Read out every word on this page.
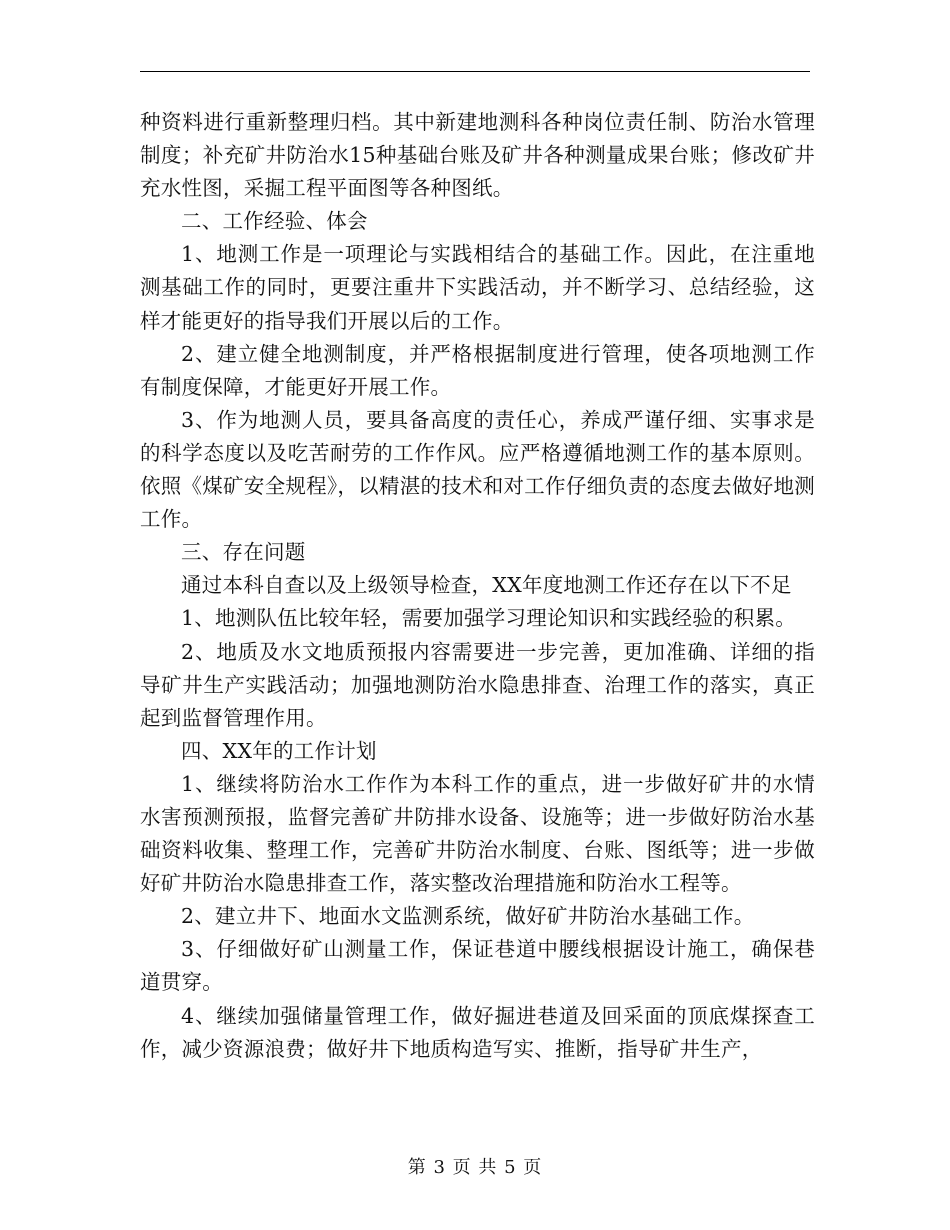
种资料进行重新整理归档。其中新建地测科各种岗位责任制、防治水管理制度；补充矿井防治水15种基础台账及矿井各种测量成果台账；修改矿井充水性图，采掘工程平面图等各种图纸。

二、工作经验、体会

1、地测工作是一项理论与实践相结合的基础工作。因此，在注重地测基础工作的同时，更要注重井下实践活动，并不断学习、总结经验，这样才能更好的指导我们开展以后的工作。

2、建立健全地测制度，并严格根据制度进行管理，使各项地测工作有制度保障，才能更好开展工作。

3、作为地测人员，要具备高度的责任心，养成严谨仔细、实事求是的科学态度以及吃苦耐劳的工作作风。应严格遵循地测工作的基本原则。依照《煤矿安全规程》，以精湛的技术和对工作仔细负责的态度去做好地测工作。

三、存在问题

通过本科自查以及上级领导检查，XX年度地测工作还存在以下不足

1、地测队伍比较年轻，需要加强学习理论知识和实践经验的积累。

2、地质及水文地质预报内容需要进一步完善，更加准确、详细的指导矿井生产实践活动；加强地测防治水隐患排查、治理工作的落实，真正起到监督管理作用。

四、XX年的工作计划

1、继续将防治水工作作为本科工作的重点，进一步做好矿井的水情水害预测预报，监督完善矿井防排水设备、设施等；进一步做好防治水基础资料收集、整理工作，完善矿井防治水制度、台账、图纸等；进一步做好矿井防治水隐患排查工作，落实整改治理措施和防治水工程等。

2、建立井下、地面水文监测系统，做好矿井防治水基础工作。

3、仔细做好矿山测量工作，保证巷道中腰线根据设计施工，确保巷道贯穿。

4、继续加强储量管理工作，做好掘进巷道及回采面的顶底煤探查工作，减少资源浪费；做好井下地质构造写实、推断，指导矿井生产，

第 3 页 共 5 页
